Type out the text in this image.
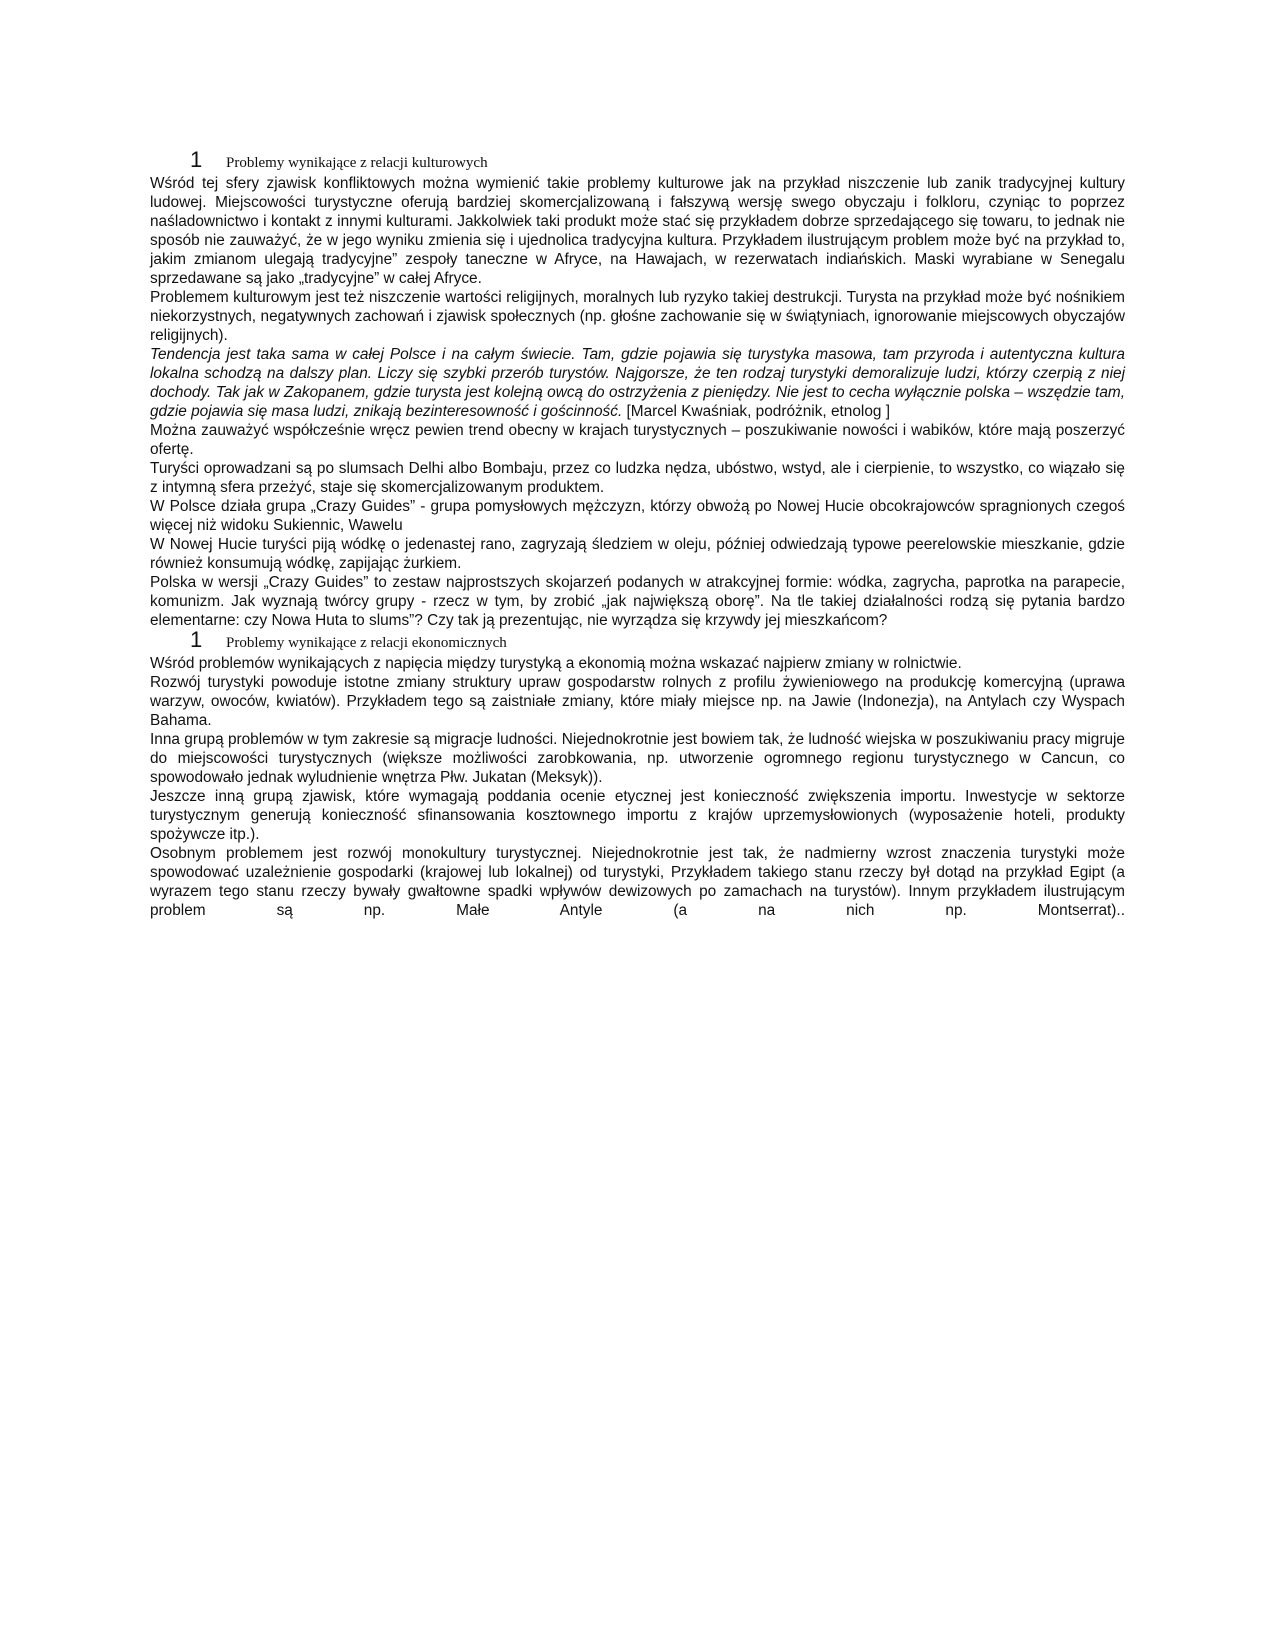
1	Problemy wynikające z relacji kulturowych

Wśród tej sfery zjawisk konfliktowych można wymienić takie problemy kulturowe jak na przykład niszczenie lub zanik tradycyjnej kultury ludowej. Miejscowości turystyczne oferują bardziej skomercjalizowaną i fałszywą wersję swego obyczaju i folkloru, czyniąc to poprzez naśladownictwo i kontakt z innymi kulturami. Jakkolwiek taki produkt może stać się przykładem dobrze sprzedającego się towaru, to jednak nie sposób nie zauważyć, że w jego wyniku zmienia się i ujednolica tradycyjna kultura. Przykładem ilustrującym problem może być na przykład to, jakim zmianom ulegają tradycyjne” zespoły taneczne w Afryce, na Hawajach, w rezerwatach indiańskich. Maski wyrabiane w Senegalu sprzedawane są jako „tradycyjne” w całej Afryce.

Problemem kulturowym jest też niszczenie wartości religijnych, moralnych lub ryzyko takiej destrukcji. Turysta na przykład może być nośnikiem niekorzystnych, negatywnych zachowań i zjawisk społecznych (np. głośne zachowanie się w świątyniach, ignorowanie miejscowych obyczajów religijnych).

Tendencja jest taka sama w całej Polsce i na całym świecie. Tam, gdzie pojawia się turystyka masowa, tam przyroda i autentyczna kultura lokalna schodzą na dalszy plan. Liczy się szybki przerób turystów. Najgorsze, że ten rodzaj turystyki demoralizuje ludzi, którzy czerpią z niej dochody. Tak jak w Zakopanem, gdzie turysta jest kolejną owcą do ostrzyżenia z pieniędzy. Nie jest to cecha wyłącznie polska – wszędzie tam, gdzie pojawia się masa ludzi, znikają bezinteresowność i gościnność. [Marcel Kwaśniak, podróżnik, etnolog ]

Można zauważyć współcześnie wręcz pewien trend obecny w krajach turystycznych – poszukiwanie nowości i wabików, które mają poszerzyć ofertę.

Turyści oprowadzani są po slumsach Delhi albo Bombaju, przez co ludzka nędza, ubóstwo, wstyd, ale i cierpienie, to wszystko, co wiązało się z intymną sfera przeżyć, staje się skomercjalizowanym produktem.

W Polsce działa grupa „Crazy Guides” - grupa pomysłowych mężczyzn, którzy obwożą po Nowej Hucie obcokrajowców spragnionych czegoś więcej niż widoku Sukiennic, Wawelu

W Nowej Hucie turyści piją wódkę o jedenastej rano, zagryzają śledziem w oleju, później odwiedzają typowe peerelowskie mieszkanie, gdzie również konsumują wódkę, zapijając żurkiem.

Polska w wersji „Crazy Guides” to zestaw najprostszych skojarzeń podanych w atrakcyjnej formie: wódka, zagrycha, paprotka na parapecie, komunizm. Jak wyznają twórcy grupy - rzecz w tym, by zrobić „jak największą oborę”. Na tle takiej działalności rodzą się pytania bardzo elementarne: czy Nowa Huta to slums”? Czy tak ją prezentując, nie wyrządza się krzywdy jej mieszkańcom?

1	Problemy wynikające z relacji ekonomicznych

Wśród problemów wynikających z napięcia między turystyką a ekonomią można wskazać najpierw zmiany w rolnictwie.

Rozwój turystyki powoduje istotne zmiany struktury upraw gospodarstw rolnych z profilu żywieniowego na produkcję komercyjną (uprawa warzyw, owoców, kwiatów). Przykładem tego są zaistniałe zmiany, które miały miejsce np. na Jawie (Indonezja), na Antylach czy Wyspach Bahama.

Inna grupą problemów w tym zakresie są migracje ludności. Niejednokrotnie jest bowiem tak, że ludność wiejska w poszukiwaniu pracy migruje do miejscowości turystycznych (większe możliwości zarobkowania, np. utworzenie ogromnego regionu turystycznego w Cancun, co spowodowało jednak wyludnienie wnętrza Płw. Jukatan (Meksyk)).

Jeszcze inną grupą zjawisk, które wymagają poddania ocenie etycznej jest konieczność zwiększenia importu. Inwestycje w sektorze turystycznym generują konieczność sfinansowania kosztownego importu z krajów uprzemysłowionych (wyposażenie hoteli, produkty spożywcze itp.).

Osobnym problemem jest rozwój monokultury turystycznej. Niejednokrotnie jest tak, że nadmierny wzrost znaczenia turystyki może spowodować uzależnienie gospodarki (krajowej lub lokalnej) od turystyki, Przykładem takiego stanu rzeczy był dotąd na przykład Egipt (a wyrazem tego stanu rzeczy bywały gwałtowne spadki wpływów dewizowych po zamachach na turystów). Innym przykładem ilustrującym problem są np. Małe Antyle (a na nich np. Montserrat)..
